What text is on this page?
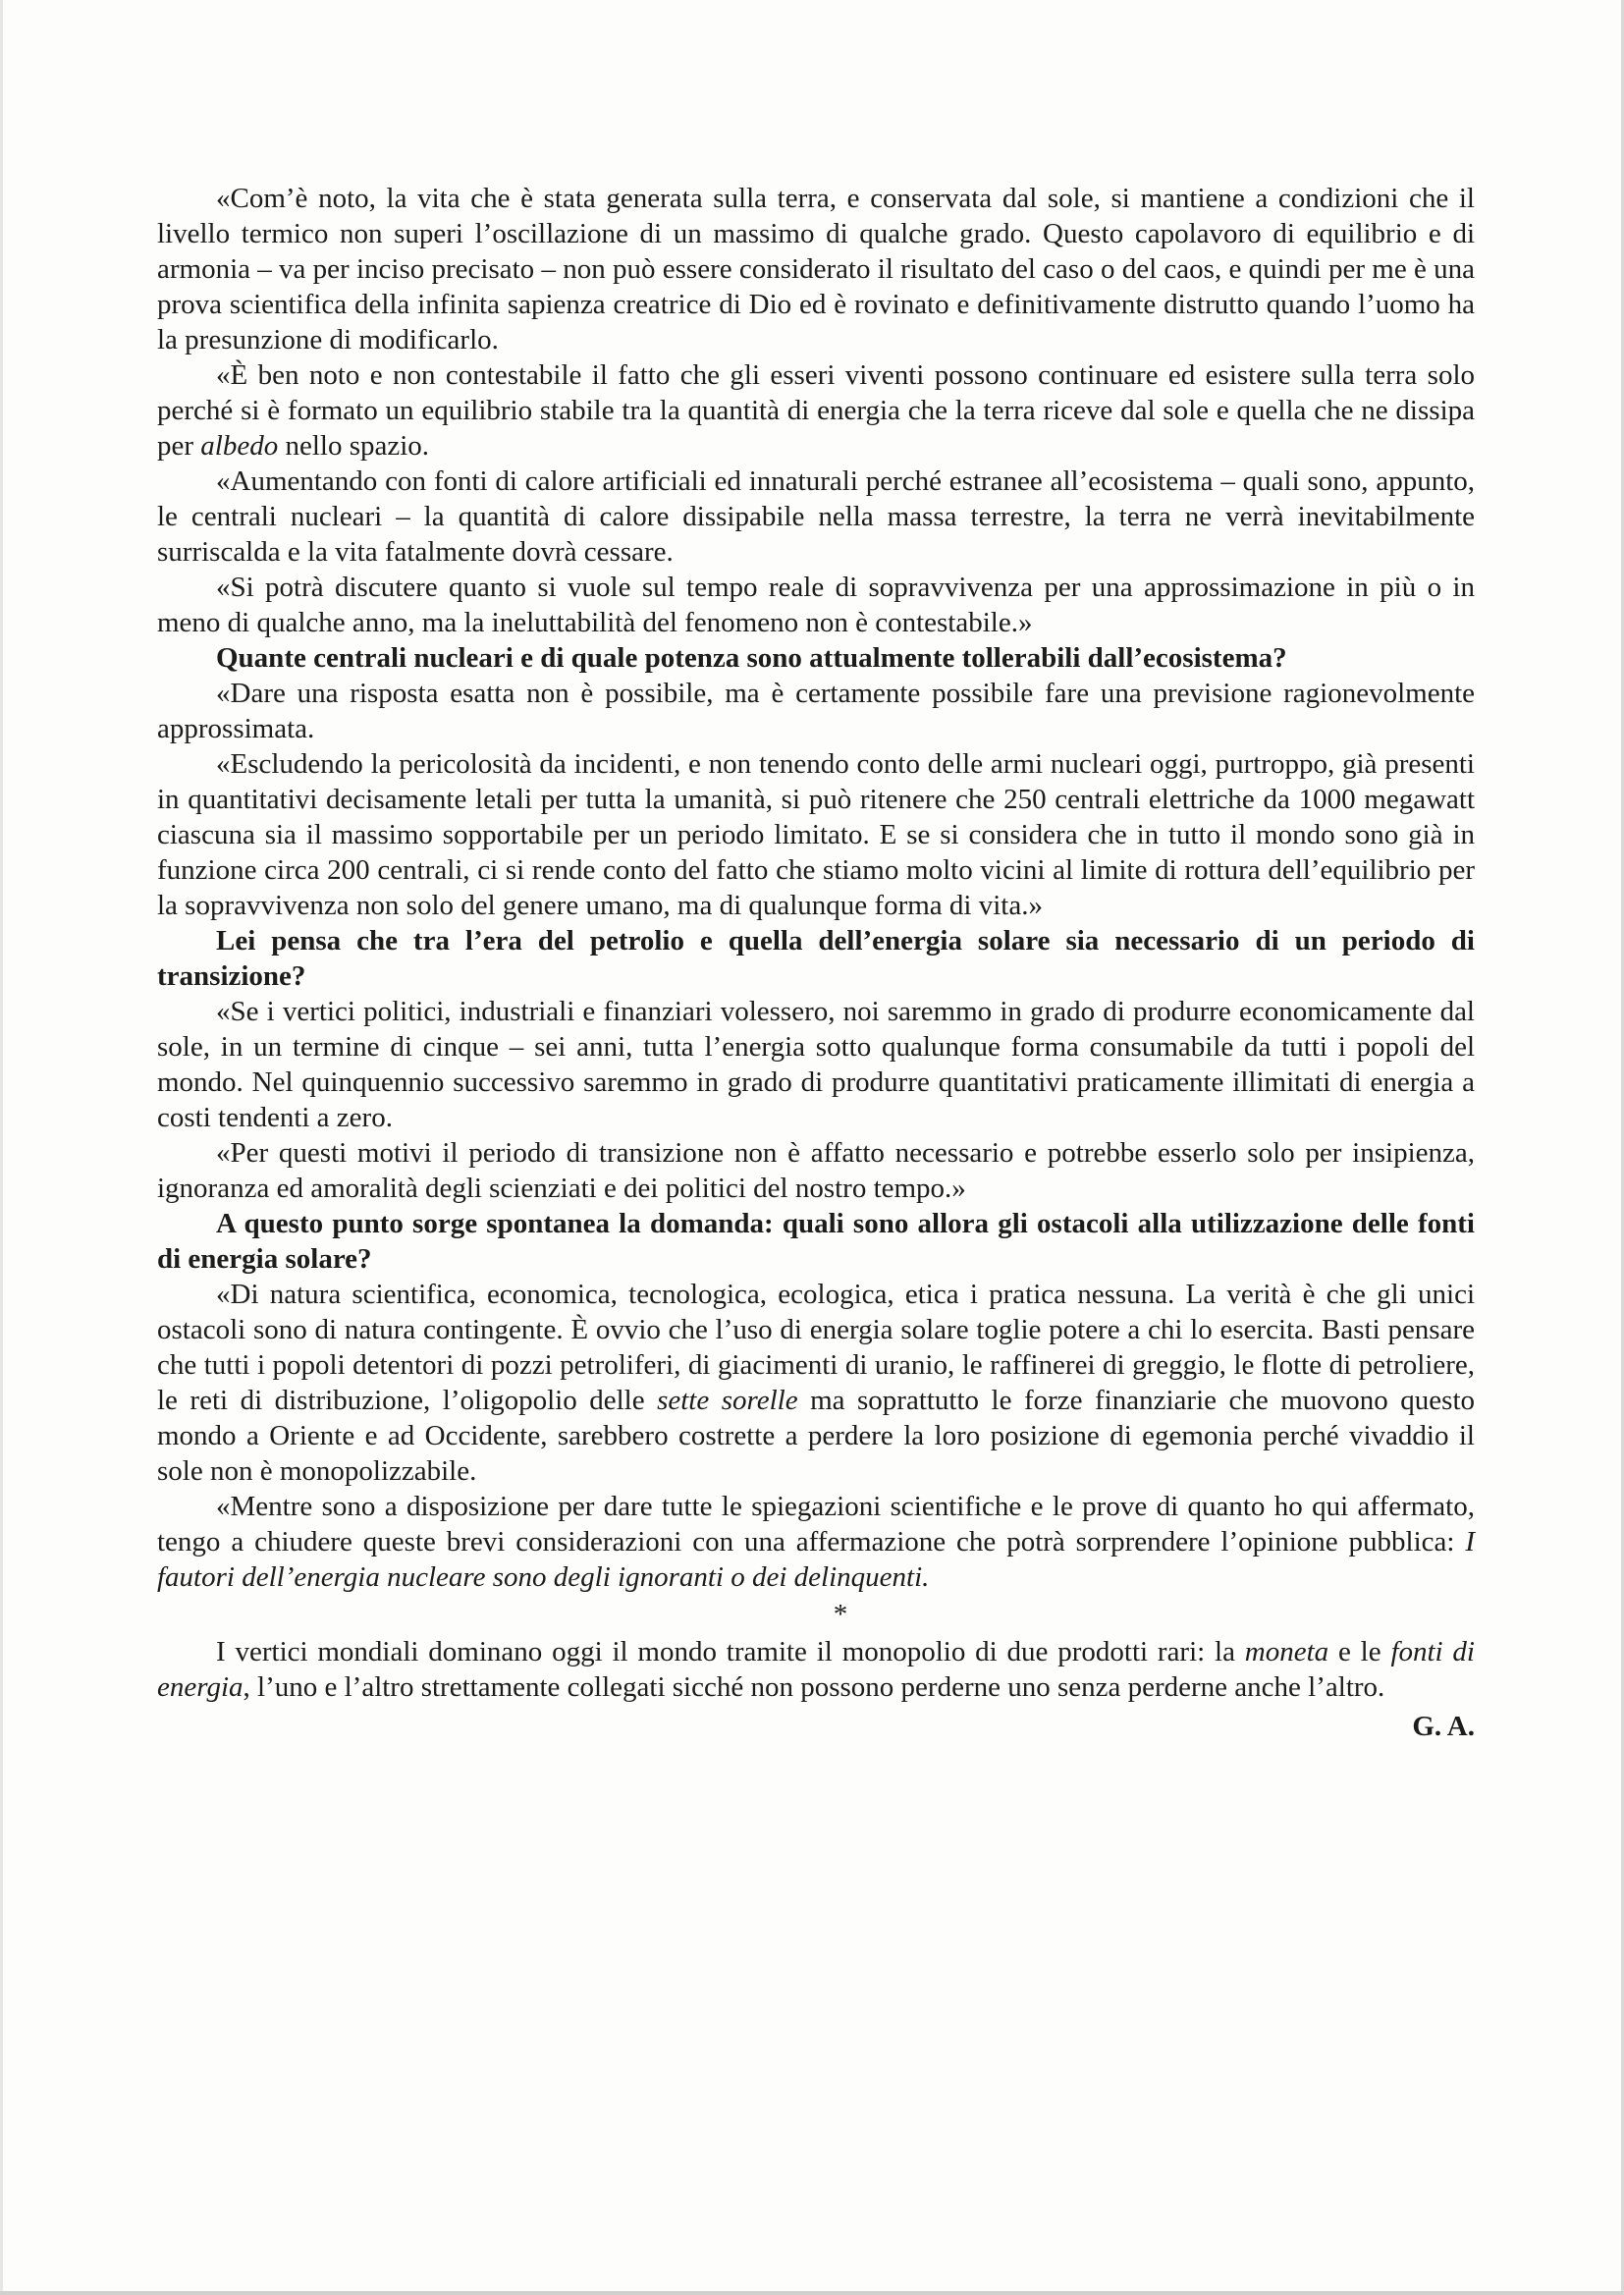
«Com’è noto, la vita che è stata generata sulla terra, e conservata dal sole, si mantiene a condizioni che il livello termico non superi l’oscillazione di un massimo di qualche grado. Questo capolavoro di equilibrio e di armonia – va per inciso precisato – non può essere considerato il risultato del caso o del caos, e quindi per me è una prova scientifica della infinita sapienza creatrice di Dio ed è rovinato e definitivamente distrutto quando l’uomo ha la presunzione di modificarlo.

«È ben noto e non contestabile il fatto che gli esseri viventi possono continuare ed esistere sulla terra solo perché si è formato un equilibrio stabile tra la quantità di energia che la terra riceve dal sole e quella che ne dissipa per albedo nello spazio.

«Aumentando con fonti di calore artificiali ed innaturali perché estranee all’ecosistema – quali sono, appunto, le centrali nucleari – la quantità di calore dissipabile nella massa terrestre, la terra ne verrà inevitabilmente surriscalda e la vita fatalmente dovrà cessare.

«Si potrà discutere quanto si vuole sul tempo reale di sopravvivenza per una approssimazione in più o in meno di qualche anno, ma la ineluttabilità del fenomeno non è contestabile.»

Quante centrali nucleari e di quale potenza sono attualmente tollerabili dall’ecosistema?

«Dare una risposta esatta non è possibile, ma è certamente possibile fare una previsione ragionevolmente approssimata.

«Escludendo la pericolosità da incidenti, e non tenendo conto delle armi nucleari oggi, purtroppo, già presenti in quantitativi decisamente letali per tutta la umanità, si può ritenere che 250 centrali elettriche da 1000 megawatt ciascuna sia il massimo sopportabile per un periodo limitato. E se si considera che in tutto il mondo sono già in funzione circa 200 centrali, ci si rende conto del fatto che stiamo molto vicini al limite di rottura dell’equilibrio per la sopravvivenza non solo del genere umano, ma di qualunque forma di vita.»

Lei pensa che tra l’era del petrolio e quella dell’energia solare sia necessario di un periodo di transizione?

«Se i vertici politici, industriali e finanziari volessero, noi saremmo in grado di produrre economicamente dal sole, in un termine di cinque – sei anni, tutta l’energia sotto qualunque forma consumabile da tutti i popoli del mondo. Nel quinquennio successivo saremmo in grado di produrre quantitativi praticamente illimitati di energia a costi tendenti a zero.

«Per questi motivi il periodo di transizione non è affatto necessario e potrebbe esserlo solo per insipienza, ignoranza ed amoralità degli scienziati e dei politici del nostro tempo.»

A questo punto sorge spontanea la domanda: quali sono allora gli ostacoli alla utilizzazione delle fonti di energia solare?

«Di natura scientifica, economica, tecnologica, ecologica, etica i pratica nessuna. La verità è che gli unici ostacoli sono di natura contingente. È ovvio che l’uso di energia solare toglie potere a chi lo esercita. Basti pensare che tutti i popoli detentori di pozzi petroliferi, di giacimenti di uranio, le raffinerei di greggio, le flotte di petroliere, le reti di distribuzione, l’oligopolio delle sette sorelle ma soprattutto le forze finanziarie che muovono questo mondo a Oriente e ad Occidente, sarebbero costrette a perdere la loro posizione di egemonia perché vivaddio il sole non è monopolizzabile.

«Mentre sono a disposizione per dare tutte le spiegazioni scientifiche e le prove di quanto ho qui affermato, tengo a chiudere queste brevi considerazioni con una affermazione che potrà sorprendere l’opinione pubblica: I fautori dell’energia nucleare sono degli ignoranti o dei delinquenti.

*

I vertici mondiali dominano oggi il mondo tramite il monopolio di due prodotti rari: la moneta e le fonti di energia, l’uno e l’altro strettamente collegati sicché non possono perderne uno senza perderne anche l’altro.

G. A.
